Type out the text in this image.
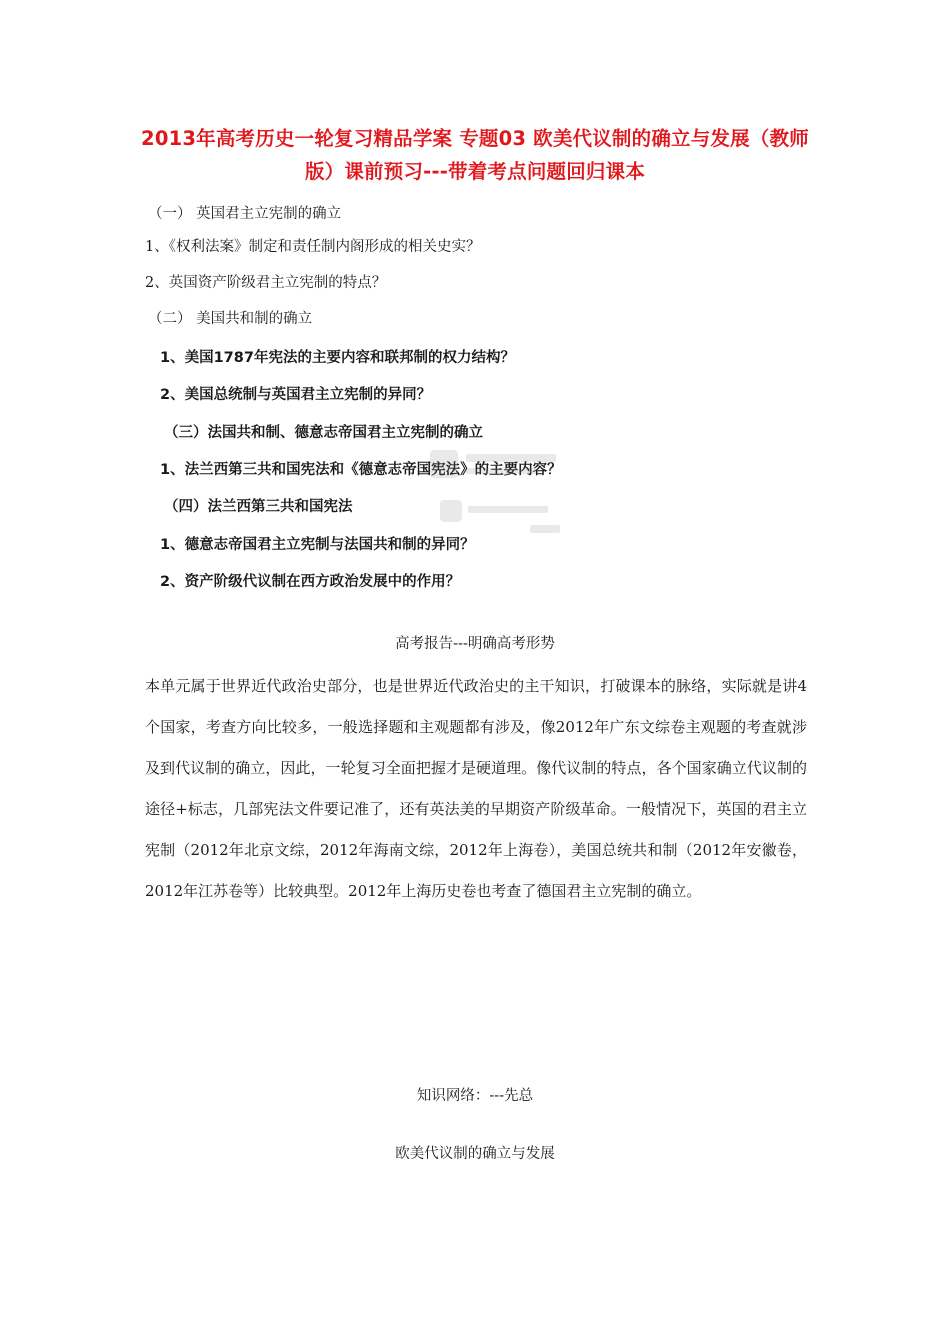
2013年高考历史一轮复习精品学案 专题03 欧美代议制的确立与发展（教师版）课前预习---带着考点问题回归课本
（一） 英国君主立宪制的确立
1、《权利法案》制定和责任制内阁形成的相关史实？
2、英国资产阶级君主立宪制的特点？
（二） 美国共和制的确立
1、美国1787年宪法的主要内容和联邦制的权力结构？
2、美国总统制与英国君主立宪制的异同？
（三）法国共和制、德意志帝国君主立宪制的确立
1、法兰西第三共和国宪法和《德意志帝国宪法》的主要内容？
（四）法兰西第三共和国宪法
1、德意志帝国君主立宪制与法国共和制的异同？
2、资产阶级代议制在西方政治发展中的作用？
高考报告---明确高考形势
本单元属于世界近代政治史部分，也是世界近代政治史的主干知识，打破课本的脉络，实际就是讲4个国家，考查方向比较多，一般选择题和主观题都有涉及，像2012年广东文综卷主观题的考查就涉及到代议制的确立，因此，一轮复习全面把握才是硬道理。像代议制的特点，各个国家确立代议制的途径+标志，几部宪法文件要记准了，还有英法美的早期资产阶级革命。一般情况下，英国的君主立宪制（2012年北京文综，2012年海南文综，2012年上海卷），美国总统共和制（2012年安徽卷，2012年江苏卷等）比较典型。2012年上海历史卷也考查了德国君主立宪制的确立。
知识网络：---先总
欧美代议制的确立与发展
